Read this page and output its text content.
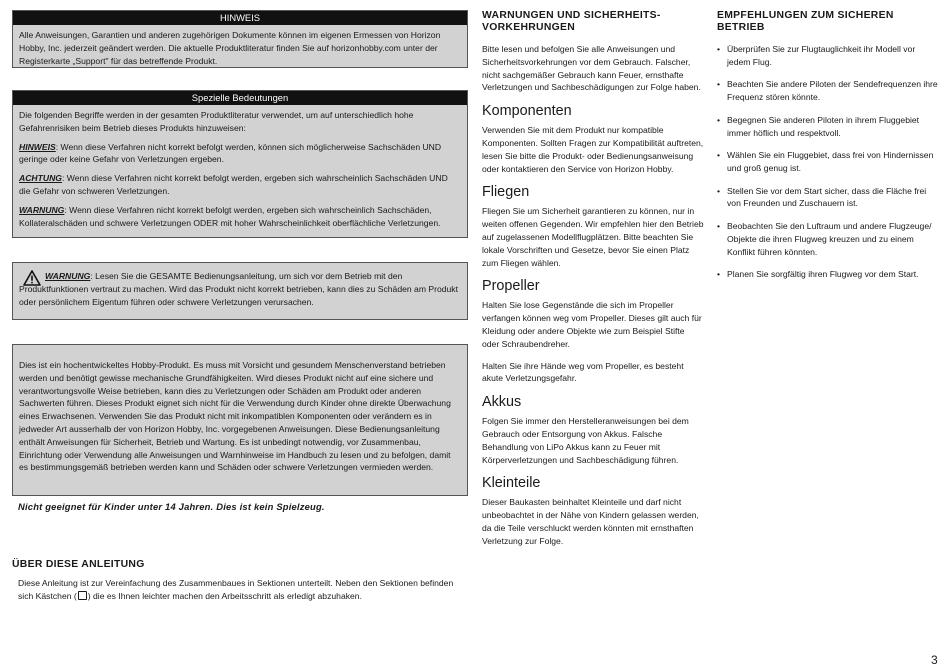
HINWEIS

Alle Anweisungen, Garantien und anderen zugehörigen Dokumente können im eigenen Ermessen von Horizon Hobby, Inc. jederzeit geändert werden. Die aktuelle Produktliteratur finden Sie auf horizonhobby.com unter der Registerkarte „Support" für das betreffende Produkt.

Spezielle Bedeutungen

Die folgenden Begriffe werden in der gesamten Produktliteratur verwendet, um auf unterschiedlich hohe Gefahrenrisiken beim Betrieb dieses Produkts hinzuweisen:

HINWEIS: Wenn diese Verfahren nicht korrekt befolgt werden, können sich möglicherweise Sachschäden UND geringe oder keine Gefahr von Verletzungen ergeben.

ACHTUNG: Wenn diese Verfahren nicht korrekt befolgt werden, ergeben sich wahrscheinlich Sachschäden UND die Gefahr von schweren Verletzungen.

WARNUNG: Wenn diese Verfahren nicht korrekt befolgt werden, ergeben sich wahrscheinlich Sachschäden, Kollateralschäden und schwere Verletzungen ODER mit hoher Wahrscheinlichkeit oberflächliche Verletzungen.

WARNUNG: Lesen Sie die GESAMTE Bedienungsanleitung, um sich vor dem Betrieb mit den Produktfunktionen vertraut zu machen. Wird das Produkt nicht korrekt betrieben, kann dies zu Schäden am Produkt oder persönlichem Eigentum führen oder schwere Verletzungen verursachen.

Dies ist ein hochentwickeltes Hobby-Produkt. Es muss mit Vorsicht und gesundem Menschenverstand betrieben werden und benötigt gewisse mechanische Grundfähigkeiten. Wird dieses Produkt nicht auf eine sichere und verantwortungsvolle Weise betrieben, kann dies zu Verletzungen oder Schäden am Produkt oder anderen Sachwerten führen. Dieses Produkt eignet sich nicht für die Verwendung durch Kinder ohne direkte Überwachung eines Erwachsenen. Verwenden Sie das Produkt nicht mit inkompatiblen Komponenten oder verändern es in jedweder Art ausserhalb der von Horizon Hobby, Inc. vorgegebenen Anweisungen. Diese Bedienungsanleitung enthält Anweisungen für Sicherheit, Betrieb und Wartung. Es ist unbedingt notwendig, vor Zusammenbau, Einrichtung oder Verwendung alle Anweisungen und Warnhinweise im Handbuch zu lesen und zu befolgen, damit es bestimmungsgemäß betrieben werden kann und Schäden oder schwere Verletzungen vermieden werden.

Nicht geeignet für Kinder unter 14 Jahren. Dies ist kein Spielzeug.
ÜBER DIESE ANLEITUNG
Diese Anleitung ist zur Vereinfachung des Zusammenbaues in Sektionen unterteilt. Neben den Sektionen befinden sich Kästchen ( ) die es Ihnen leichter machen den Arbeitsschritt als erledigt abzuhaken.
WARNUNGEN UND SICHERHEITS-VORKEHRUNGEN

Bitte lesen und befolgen Sie alle Anweisungen und Sicherheitsvorkehrungen vor dem Gebrauch. Falscher, nicht sachgemäßer Gebrauch kann Feuer, ernsthafte Verletzungen und Sachbeschädigungen zur Folge haben.

Komponenten

Verwenden Sie mit dem Produkt nur kompatible Komponenten. Sollten Fragen zur Kompatibilität auftreten, lesen Sie bitte die Produkt- oder Bedienungsanweisung oder kontaktieren den Service von Horizon Hobby.

Fliegen

Fliegen Sie um Sicherheit garantieren zu können, nur in weiten offenen Gegenden. Wir empfehlen hier den Betrieb auf zugelassenen Modellflugplätzen. Bitte beachten Sie lokale Vorschriften und Gesetze, bevor Sie einen Platz zum Fliegen wählen.

Propeller

Halten Sie lose Gegenstände die sich im Propeller verfangen können weg vom Propeller. Dieses gilt auch für Kleidung oder andere Objekte wie zum Beispiel Stifte oder Schraubendreher.

Halten Sie ihre Hände weg vom Propeller, es besteht akute Verletzungsgefahr.

Akkus

Folgen Sie immer den Herstelleranweisungen bei dem Gebrauch oder Entsorgung von Akkus. Falsche Behandlung von LiPo Akkus kann zu Feuer mit Körperverletzungen und Sachbeschädigung führen.

Kleinteile

Dieser Baukasten beinhaltet Kleinteile und darf nicht unbeobachtet in der Nähe von Kindern gelassen werden, da die Teile verschluckt werden könnten mit ernsthaften Verletzung zur Folge.

EMPFEHLUNGEN ZUM SICHEREN BETRIEB
• Überprüfen Sie zur Flugtauglichkeit ihr Modell vor jedem Flug.
• Beachten Sie andere Piloten der Sendefrequenzen ihre Frequenz stören könnte.
• Begegnen Sie anderen Piloten in ihrem Fluggebiet immer höflich und respektvoll.
• Wählen Sie ein Fluggebiet, dass frei von Hindernissen und groß genug ist.
• Stellen Sie vor dem Start sicher, dass die Fläche frei von Freunden und Zuschauern ist.
• Beobachten Sie den Luftraum und andere Flugzeuge/ Objekte die ihren Flugweg kreuzen und zu einem Konflikt führen könnten.
• Planen Sie sorgfältig ihren Flugweg vor dem Start.
3
